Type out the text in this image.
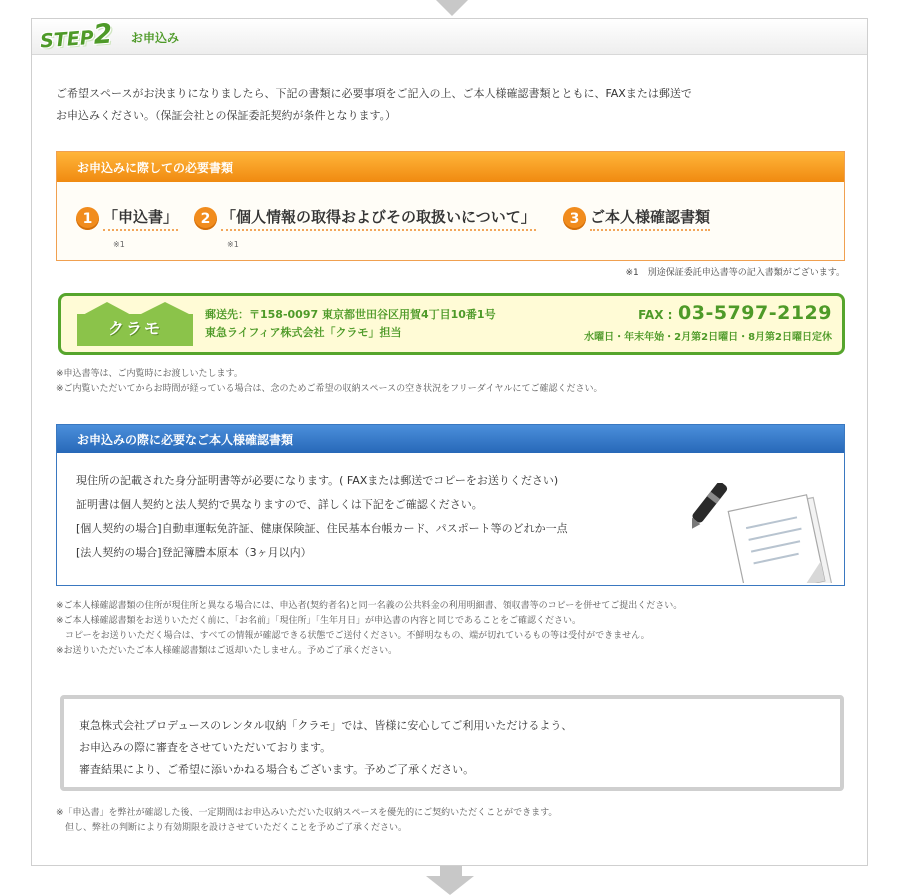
STEP2 お申込み
ご希望スペースがお決まりになりましたら、下記の書類に必要事項をご記入の上、ご本人様確認書類とともに、FAXまたは郵送で
お申込みください。（保証会社との保証委託契約が条件となります。）
お申込みに際しての必要書類
1 「申込書」
※1
2 「個人情報の取得およびその取扱いについて」
※1
3 ご本人様確認書類
※1　別途保証委託申込書等の記入書類がございます。
クラモ
郵送先：〒158-0097 東京都世田谷区用賀4丁目10番1号
東急ライフィア株式会社「クラモ」担当
FAX : 03-5797-2129
水曜日・年末年始・2月第2日曜日・8月第2日曜日定休
※申込書等は、ご内覧時にお渡しいたします。
※ご内覧いただいてからお時間が経っている場合は、念のためご希望の収納スペースの空き状況をフリーダイヤルにてご確認ください。
お申込みの際に必要なご本人様確認書類
現住所の記載された身分証明書等が必要になります。( FAXまたは郵送でコピーをお送りください)
証明書は個人契約と法人契約で異なりますので、詳しくは下記をご確認ください。
[個人契約の場合]自動車運転免許証、健康保険証、住民基本台帳カード、パスポート等のどれか一点
[法人契約の場合]登記簿謄本原本（3ヶ月以内）
※ご本人様確認書類の住所が現住所と異なる場合には、申込者(契約者名)と同一名義の公共料金の利用明細書、領収書等のコピーを併せてご提出ください。
※ご本人様確認書類をお送りいただく前に、「お名前」「現住所」「生年月日」が申込書の内容と同じであることをご確認ください。
　コピーをお送りいただく場合は、すべての情報が確認できる状態でご送付ください。不鮮明なもの、端が切れているもの等は受付ができません。
※お送りいただいたご本人様確認書類はご返却いたしません。予めご了承ください。
東急株式会社プロデュースのレンタル収納「クラモ」では、皆様に安心してご利用いただけるよう、
お申込みの際に審査をさせていただいております。
審査結果により、ご希望に添いかねる場合もございます。予めご了承ください。
※「申込書」を弊社が確認した後、一定期間はお申込みいただいた収納スペースを優先的にご契約いただくことができます。
　但し、弊社の判断により有効期限を設けさせていただくことを予めご了承ください。
